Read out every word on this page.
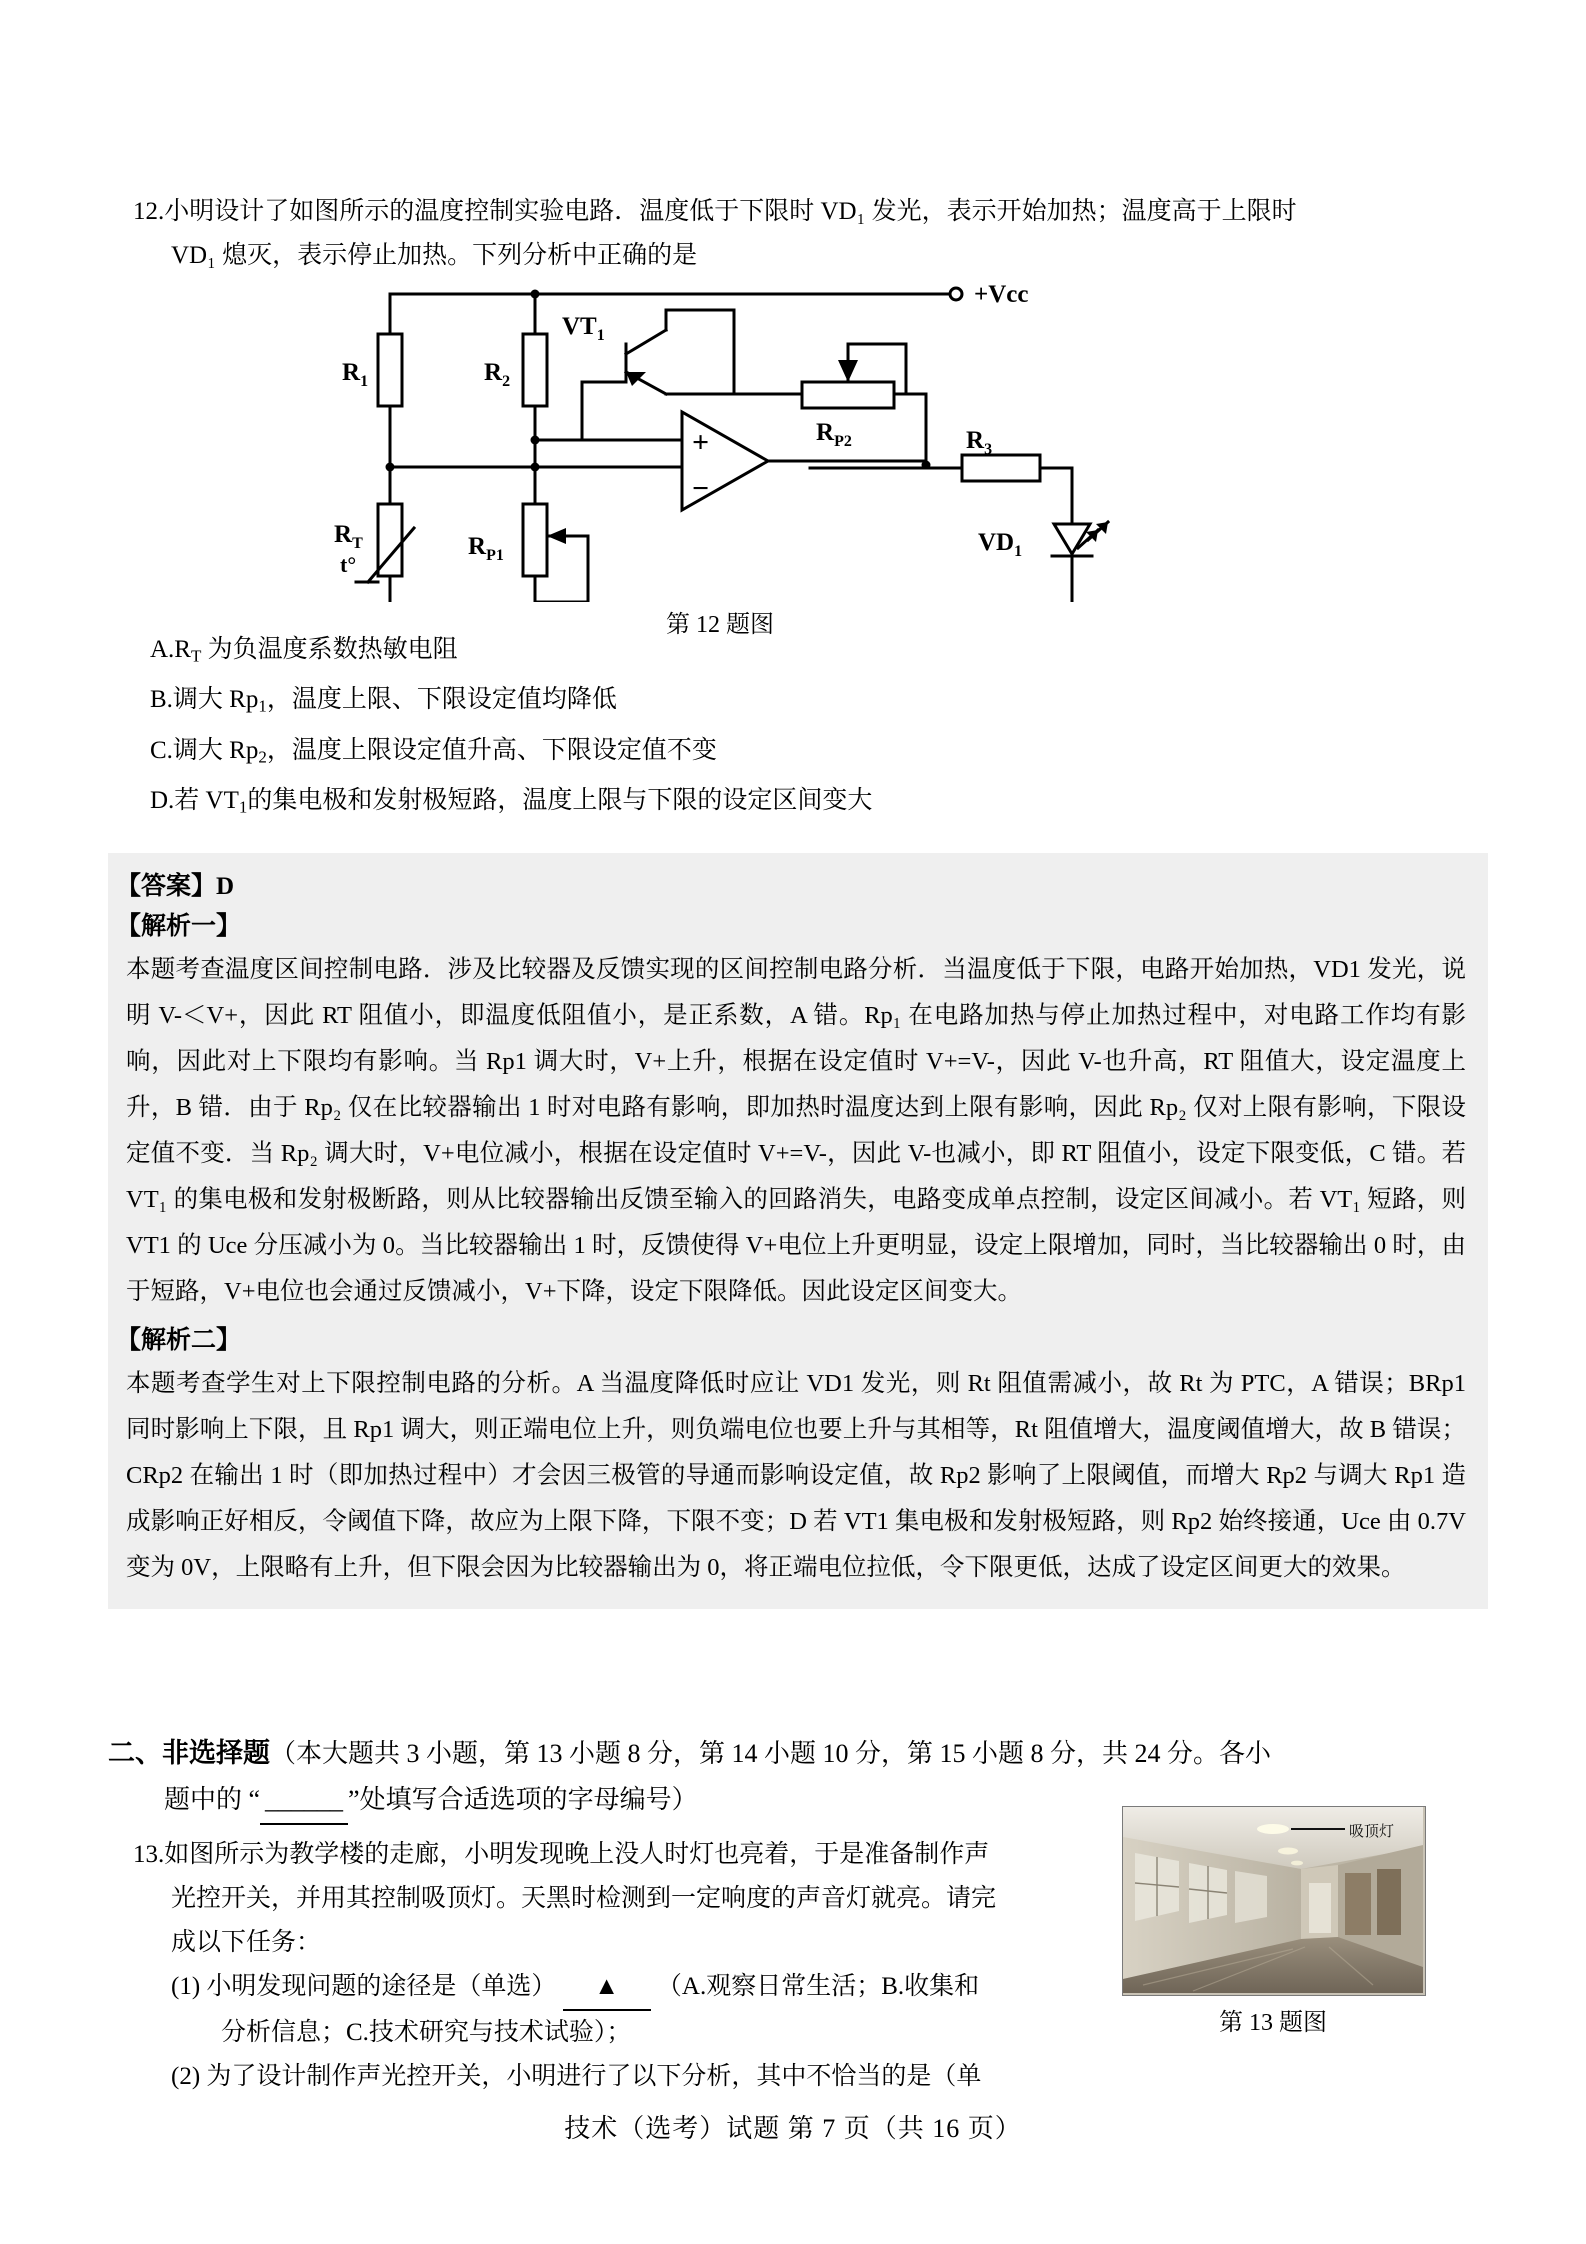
12.小明设计了如图所示的温度控制实验电路．温度低于下限时 VD₁ 发光，表示开始加热；温度高于上限时
VD₁ 熄灭，表示停止加热。下列分析中正确的是
$R_1$	$R_2$
$R_3$
$R_T$
t°
$R_{P1}$
$R_{P2}$
$VT_1$
$VD_1$
+Vcc
+
−
第 12 题图
$A.R_T$ 为负温度系数热敏电阻
B.调大 $Rp_1$，温度上限、下限设定值均降低
C.调大 $Rp_2$，温度上限设定值升高、下限设定值不变
D.若 $VT_1$的集电极和发射极短路，温度上限与下限的设定区间变大
【答案】D
【解析一】

本题考查温度区间控制电路．涉及比较器及反馈实现的区间控制电路分析．当温度低于下限，电路开始加热，VD1 发光，说明 V-＜V+，因此 RT 阻值小，即温度低阻值小，是正系数，A 错。Rp₁ 在电路加热与停止加热过程中，对电路工作均有影响，因此对上下限均有影响。当 Rp1 调大时，V+上升，根据在设定值时 V+=V-，因此 V-也升高，RT 阻值大，设定温度上升，B 错．由于 Rp₂ 仅在比较器输出 1 时对电路有影响，即加热时温度达到上限有影响，因此 Rp₂ 仅对上限有影响，下限设定值不变．当 Rp₂ 调大时，V+电位减小，根据在设定值时 V+=V-，因此 V-也减小，即 RT 阻值小，设定下限变低，C 错。若 VT₁ 的集电极和发射极断路，则从比较器输出反馈至输入的回路消失，电路变成单点控制，设定区间减小。若 VT₁ 短路，则 VT1 的 Uce 分压减小为 0。当比较器输出 1 时，反馈使得 V+电位上升更明显，设定上限增加，同时，当比较器输出 0 时，由于短路，V+电位也会通过反馈减小，V+下降，设定下限降低。因此设定区间变大。

【解析二】

本题考查学生对上下限控制电路的分析。A 当温度降低时应让 VD1 发光，则 Rt 阻值需减小，故 Rt 为 PTC，A 错误；BRp1 同时影响上下限，且 Rp1 调大，则正端电位上升，则负端电位也要上升与其相等，Rt 阻值增大，温度阈值增大，故 B 错误；CRp2 在输出 1 时（即加热过程中）才会因三极管的导通而影响设定值，故 Rp2 影响了上限阈值，而增大 Rp2 与调大 Rp1 造成影响正好相反，令阈值下降，故应为上限下降，下限不变；D 若 VT1 集电极和发射极短路，则 Rp2 始终接通，Uce 由 0.7V 变为 0V，上限略有上升，但下限会因为比较器输出为 0，将正端电位拉低，令下限更低，达成了设定区间更大的效果。

二、非选择题（本大题共 3 小题，第 13 小题 8 分，第 14 小题 10 分，第 15 小题 8 分，共 24 分。各小
题中的 “ ______ ”处填写合适选项的字母编号）
13.如图所示为教学楼的走廊，小明发现晚上没人时灯也亮着，于是准备制作声
光控开关，并用其控制吸顶灯。天黑时检测到一定响度的声音灯就亮。请完
成以下任务：
(1) 小明发现问题的途径是（单选） ▲ （A.观察日常生活；B.收集和
分析信息；C.技术研究与技术试验）；
(2) 为了设计制作声光控开关，小明进行了以下分析，其中不恰当的是（单
吸顶灯
第 13 题图
技术（选考）试题 第 7 页（共 16 页）
